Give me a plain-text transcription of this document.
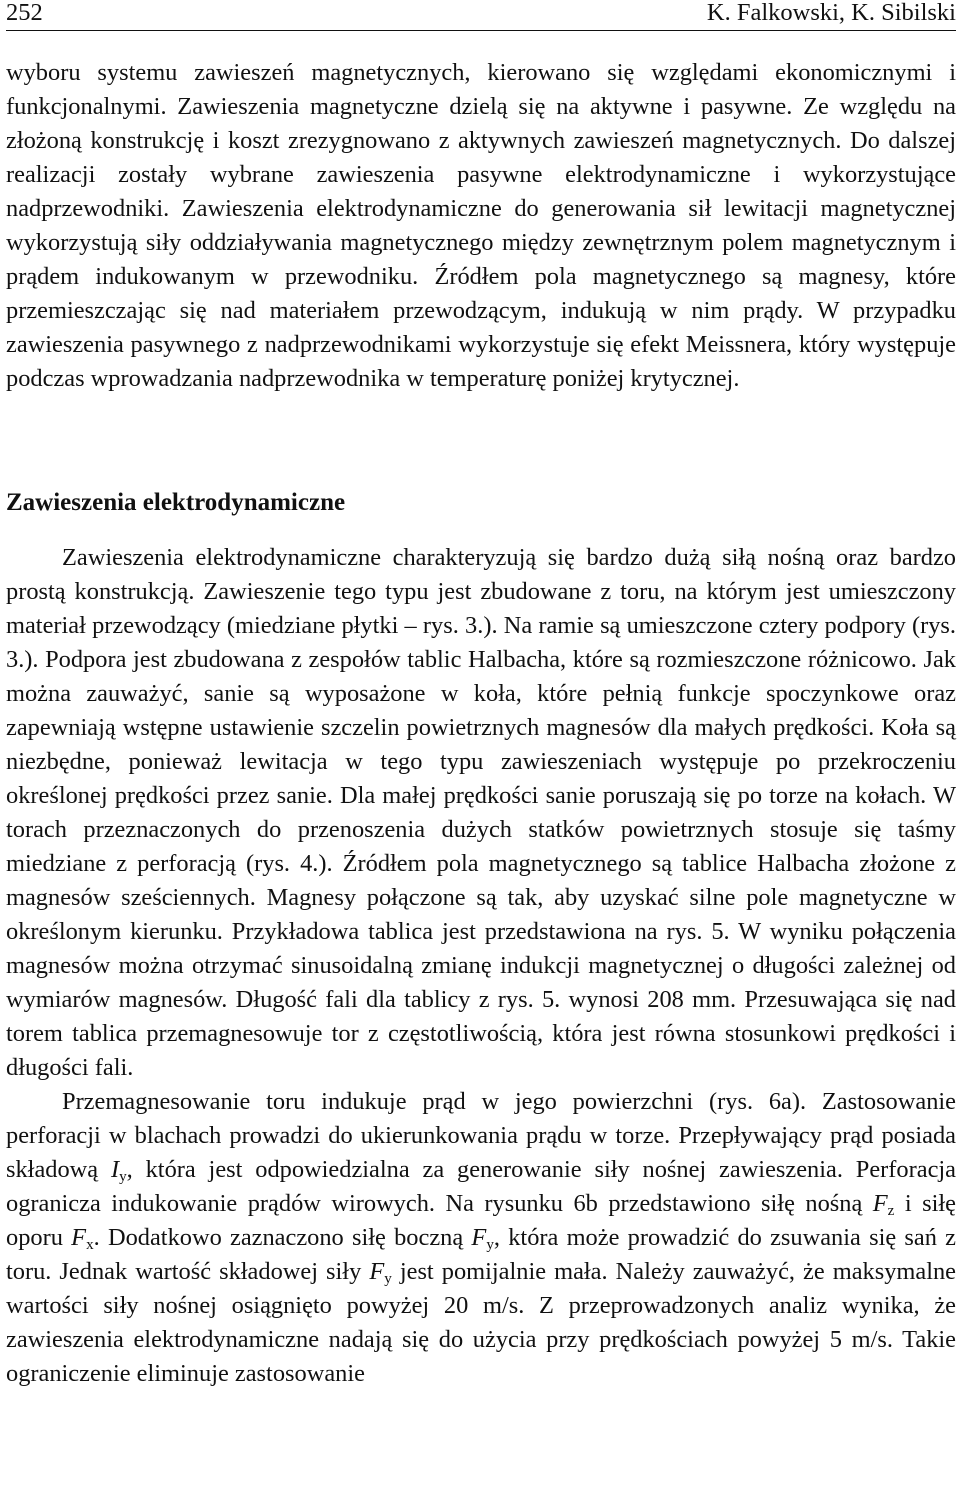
252	K. Falkowski, K. Sibilski

wyboru systemu zawieszeń magnetycznych, kierowano się względami ekonomicznymi i funkcjonalnymi. Zawieszenia magnetyczne dzielą się na aktywne i pasywne. Ze względu na złożoną konstrukcję i koszt zrezygnowano z aktywnych zawieszeń magnetycznych. Do dalszej realizacji zostały wybrane zawieszenia pasywne elektrodynamiczne i wykorzystujące nadprzewodniki. Zawieszenia elektrodynamiczne do generowania sił lewitacji magnetycznej wykorzystują siły oddziaływania magnetycznego między zewnętrznym polem magnetycznym i prądem indukowanym w przewodniku. Źródłem pola magnetycznego są magnesy, które przemieszczając się nad materiałem przewodzącym, indukują w nim prądy. W przypadku zawieszenia pasywnego z nadprzewodnikami wykorzystuje się efekt Meissnera, który występuje podczas wprowadzania nadprzewodnika w temperaturę poniżej krytycznej.

Zawieszenia elektrodynamiczne

Zawieszenia elektrodynamiczne charakteryzują się bardzo dużą siłą nośną oraz bardzo prostą konstrukcją. Zawieszenie tego typu jest zbudowane z toru, na którym jest umieszczony materiał przewodzący (miedziane płytki – rys. 3.). Na ramie są umieszczone cztery podpory (rys. 3.). Podpora jest zbudowana z zespołów tablic Halbacha, które są rozmieszczone różnicowo. Jak można zauważyć, sanie są wyposażone w koła, które pełnią funkcje spoczynkowe oraz zapewniają wstępne ustawienie szczelin powietrznych magnesów dla małych prędkości. Koła są niezbędne, ponieważ lewitacja w tego typu zawieszeniach występuje po przekroczeniu określonej prędkości przez sanie. Dla małej prędkości sanie poruszają się po torze na kołach. W torach przeznaczonych do przenoszenia dużych statków powietrznych stosuje się taśmy miedziane z perforacją (rys. 4.). Źródłem pola magnetycznego są tablice Halbacha złożone z magnesów sześciennych. Magnesy połączone są tak, aby uzyskać silne pole magnetyczne w określonym kierunku. Przykładowa tablica jest przedstawiona na rys. 5. W wyniku połączenia magnesów można otrzymać sinusoidalną zmianę indukcji magnetycznej o długości zależnej od wymiarów magnesów. Długość fali dla tablicy z rys. 5. wynosi 208 mm. Przesuwająca się nad torem tablica przemagnesowuje tor z częstotliwością, która jest równa stosunkowi prędkości i długości fali.

Przemagnesowanie toru indukuje prąd w jego powierzchni (rys. 6a). Zastosowanie perforacji w blachach prowadzi do ukierunkowania prądu w torze. Przepływający prąd posiada składową $I_y$, która jest odpowiedzialna za generowanie siły nośnej zawieszenia. Perforacja ogranicza indukowanie prądów wirowych. Na rysunku 6b przedstawiono siłę nośną $F_z$ i siłę oporu $F_x$. Dodatkowo zaznaczono siłę boczną $F_y$, która może prowadzić do zsuwania się sań z toru. Jednak wartość składowej siły $F_y$ jest pomijalnie mała. Należy zauważyć, że maksymalne wartości siły nośnej osiągnięto powyżej 20 m/s. Z przeprowadzonych analiz wynika, że zawieszenia elektrodynamiczne nadają się do użycia przy prędkościach powyżej 5 m/s. Takie ograniczenie eliminuje zastosowanie
